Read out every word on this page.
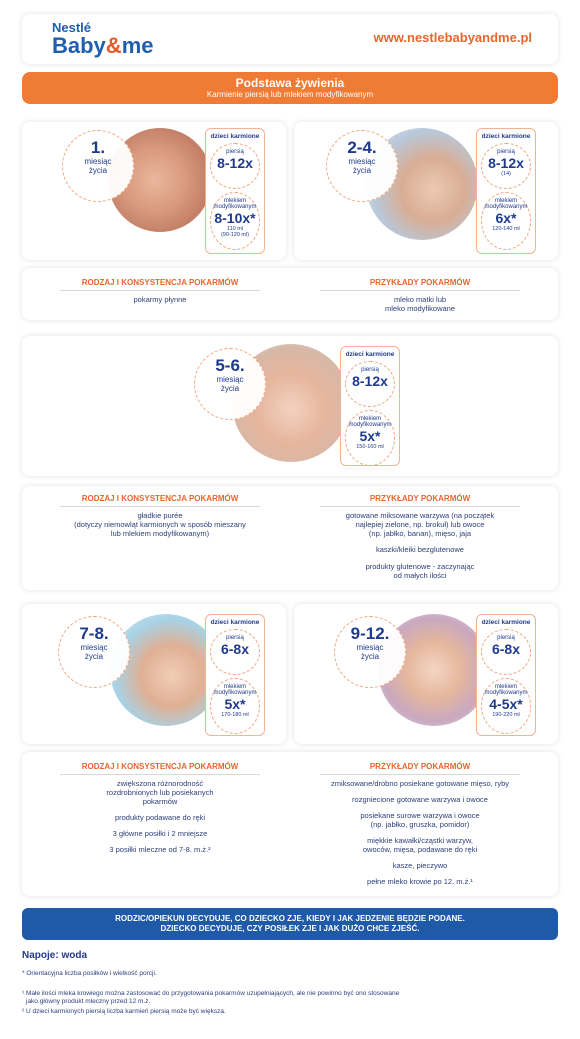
Nestlé
Baby&me	www.nestlebabyandme.pl
Podstawa żywienia
Karmienie piersią lub mlekiem modyfikowanym
1.
miesiąc
życia
dzieci karmione
piersią
8-12x
mlekiem modyfikowanym
8-10x*
110 ml
(90-120 ml)
2-4.
miesiąc
życia
dzieci karmione
piersią
8-12x
(14)
mlekiem modyfikowanym
6x*
120-140 ml
RODZAJ I KONSYSTENCJA POKARMÓW
pokarmy płynne
PRZYKŁADY POKARMÓW
mleko matki lub
mleko modyfikowane
5-6.
miesiąc
życia
dzieci karmione
piersią
8-12x
mlekiem modyfikowanym
5x*
150-160 ml
RODZAJ I KONSYSTENCJA POKARMÓW
gładkie purée
(dotyczy niemowląt karmionych w sposób mieszany
lub mlekiem modyfikowanym)
PRZYKŁADY POKARMÓW
gotowane miksowane warzywa (na początek
najlepiej zielone, np. brokuł) lub owoce
(np. jabłko, banan), mięso, jaja
kaszki/kleiki bezglutenowe
produkty glutenowe - zaczynając
od małych ilości
7-8.
miesiąc
życia
dzieci karmione
piersią
6-8x
mlekiem modyfikowanym
5x*
170-180 ml
9-12.
miesiąc
życia
dzieci karmione
piersią
6-8x
mlekiem modyfikowanym
4-5x*
190-220 ml
RODZAJ I KONSYSTENCJA POKARMÓW
zwiększona różnorodność
rozdrobnionych lub posiekanych
pokarmów
produkty podawane do ręki
3 główne posiłki i 2 mniejsze
3 posiłki mleczne od 7-8. m.ż.²
PRZYKŁADY POKARMÓW
zmiksowane/drobno posiekane gotowane mięso, ryby
rozgniecione gotowane warzywa i owoce
posiekane surowe warzywa i owoce
(np. jabłko, gruszka, pomidor)
miękkie kawałki/cząstki warzyw,
owoców, mięsa, podawane do ręki
kasze, pieczywo
pełne mleko krowie po 12. m.ż.¹
RODZIC/OPIEKUN DECYDUJE, CO DZIECKO ZJE, KIEDY I JAK JEDZENIE BĘDZIE PODANE.
DZIECKO DECYDUJE, CZY POSIŁEK ZJE I JAK DUŻO CHCE ZJEŚĆ.
Napoje: woda
* Orientacyjna liczba posiłków i wielkość porcji.
¹ Małe ilości mleka krowiego można zastosować do przygotowania pokarmów uzupełniających, ale nie powinno być ono stosowane
jako główny produkt mleczny przed 12 m.ż.
² U dzieci karmionych piersią liczba karmień piersią może być większa.
